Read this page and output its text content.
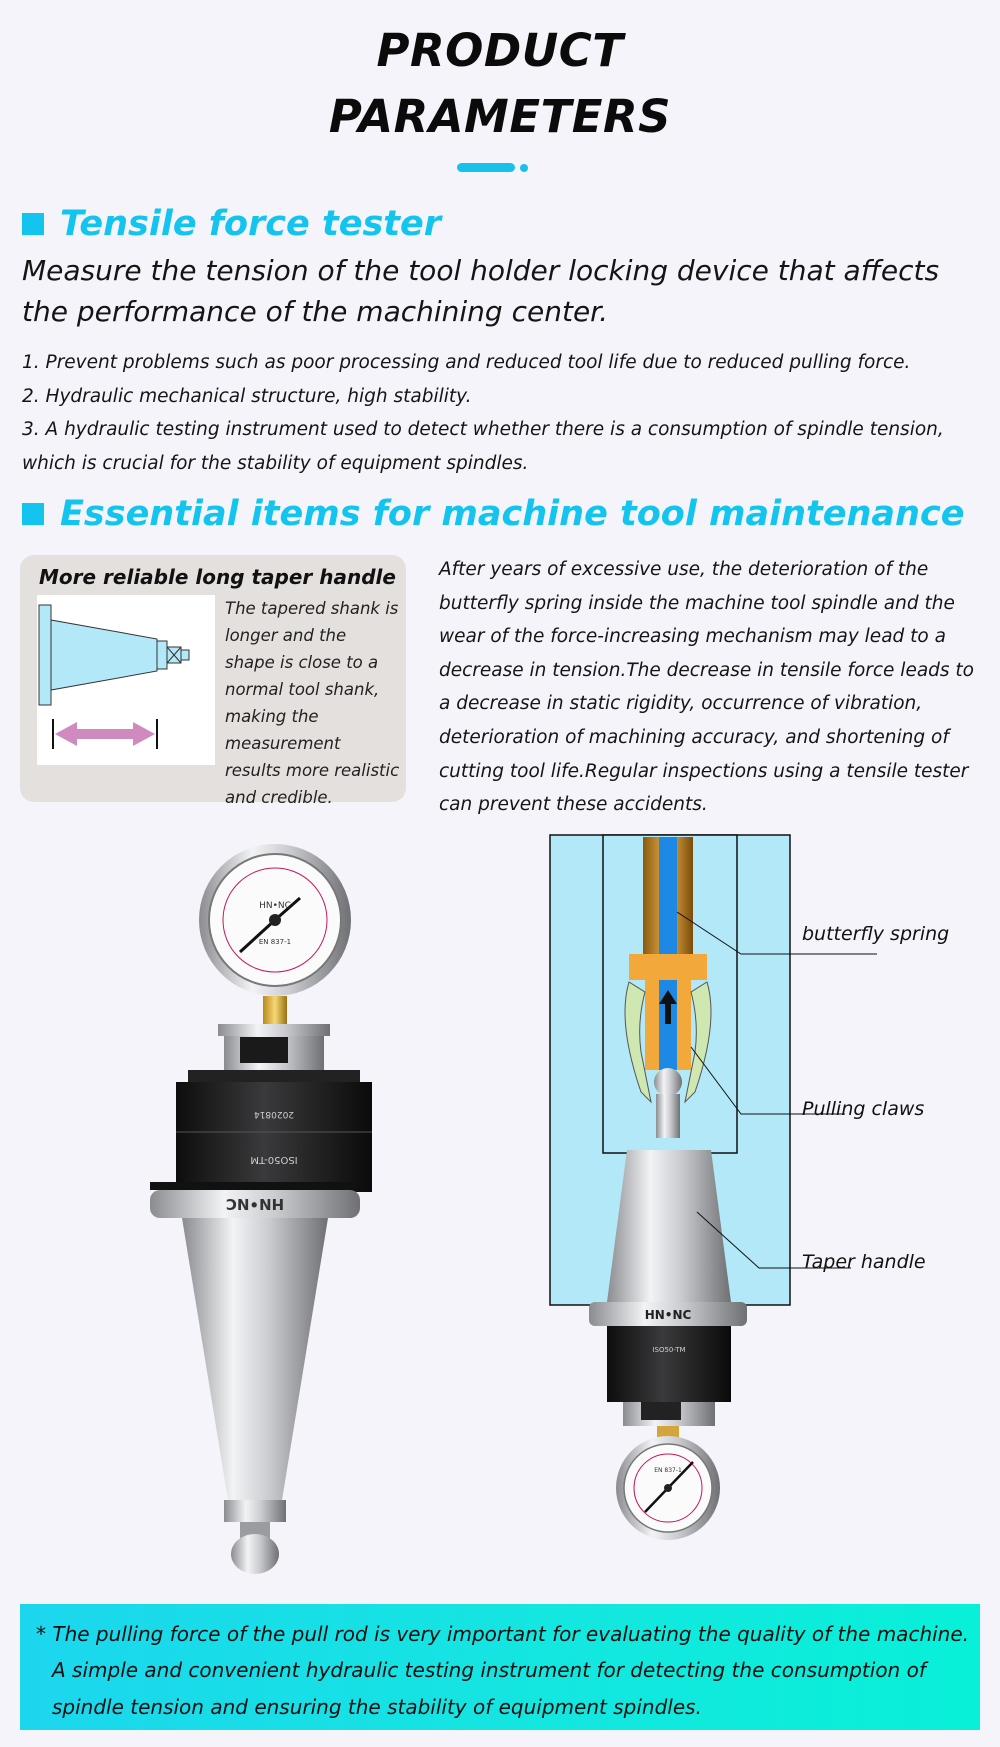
PRODUCT
PARAMETERS
Tensile force tester
Measure the tension of the tool holder locking device that affects the performance of the machining center.
1. Prevent problems such as poor processing and reduced tool life due to reduced pulling force.
2. Hydraulic mechanical structure, high stability.
3. A hydraulic testing instrument used to detect whether there is a consumption of spindle tension, which is crucial for the stability of equipment spindles.
Essential items for machine tool maintenance
More reliable long taper handle
The tapered shank is longer and the shape is close to a normal tool shank, making the measurement results more realistic and credible.
After years of excessive use, the deterioration of the butterfly spring inside the machine tool spindle and the wear of the force-increasing mechanism may lead to a decrease in tension.The decrease in tensile force leads to a decrease in static rigidity, occurrence of vibration, deterioration of machining accuracy, and shortening of cutting tool life.Regular inspections using a tensile tester can prevent these accidents.
HN•NC
EN 837-1
2020814
ISO50-TM
HN•NC
HN•NC
ISO50-TM
EN 837-1
butterfly spring
Pulling claws
Taper handle
* The pulling force of the pull rod is very important for evaluating the quality of the machine.
A simple and convenient hydraulic testing instrument for detecting the consumption of spindle tension and ensuring the stability of equipment spindles.
